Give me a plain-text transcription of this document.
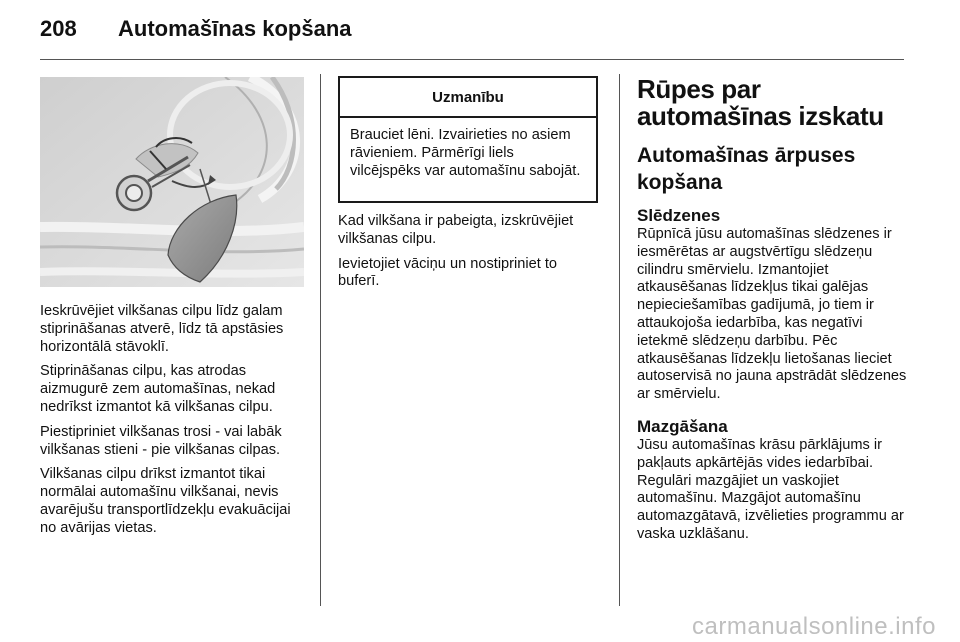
208	Automašīnas kopšana

Ieskrūvējiet vilkšanas cilpu līdz galam stiprināšanas atverē, līdz tā apstāsies horizontālā stāvoklī.

Stiprināšanas cilpu, kas atrodas aizmugurē zem automašīnas, nekad nedrīkst izmantot kā vilkšanas cilpu.

Piestipriniet vilkšanas trosi - vai labāk vilkšanas stieni - pie vilkšanas cilpas.

Vilkšanas cilpu drīkst izmantot tikai normālai automašīnu vilkšanai, nevis avarējušu transportlīdzekļu evakuācijai no avārijas vietas.

Uzmanību
Brauciet lēni. Izvairieties no asiem rāvieniem. Pārmērīgi liels vilcējspēks var automašīnu sabojāt.

Kad vilkšana ir pabeigta, izskrūvējiet vilkšanas cilpu.

Ievietojiet vāciņu un nostipriniet to buferī.

Rūpes par automašīnas izskatu
Automašīnas ārpuses kopšana
Slēdzenes

Rūpnīcā jūsu automašīnas slēdzenes ir iesmērētas ar augstvērtīgu slēdzeņu cilindru smērvielu. Izmantojiet atkausēšanas līdzekļus tikai galējas nepieciešamības gadījumā, jo tiem ir attaukojoša iedarbība, kas negatīvi ietekmē slēdzeņu darbību. Pēc atkausēšanas līdzekļu lietošanas lieciet autoservisā no jauna apstrādāt slēdzenes ar smērvielu.

Mazgāšana

Jūsu automašīnas krāsu pārklājums ir pakļauts apkārtējās vides iedarbībai. Regulāri mazgājiet un vaskojiet automašīnu. Mazgājot automašīnu automazgātavā, izvēlieties programmu ar vaska uzklāšanu.

carmanualsonline.info
